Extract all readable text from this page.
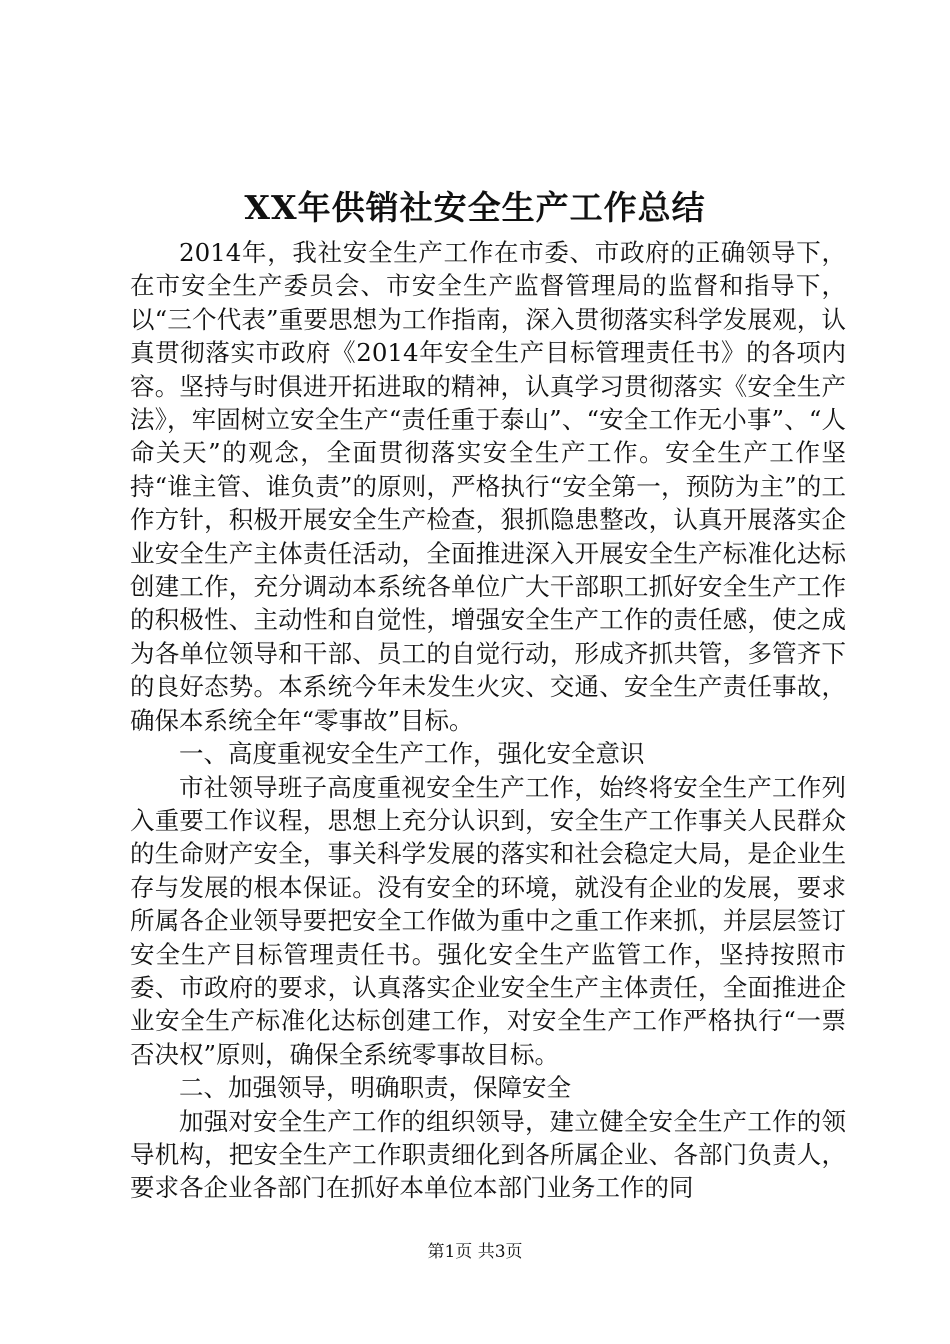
XX年供销社安全生产工作总结

2014年，我社安全生产工作在市委、市政府的正确领导下，在市安全生产委员会、市安全生产监督管理局的监督和指导下，以“三个代表”重要思想为工作指南，深入贯彻落实科学发展观，认真贯彻落实市政府《2014年安全生产目标管理责任书》的各项内容。坚持与时俱进开拓进取的精神，认真学习贯彻落实《安全生产法》，牢固树立安全生产“责任重于泰山”、“安全工作无小事”、“人命关天”的观念，全面贯彻落实安全生产工作。安全生产工作坚持“谁主管、谁负责”的原则，严格执行“安全第一，预防为主”的工作方针，积极开展安全生产检查，狠抓隐患整改，认真开展落实企业安全生产主体责任活动，全面推进深入开展安全生产标准化达标创建工作，充分调动本系统各单位广大干部职工抓好安全生产工作的积极性、主动性和自觉性，增强安全生产工作的责任感，使之成为各单位领导和干部、员工的自觉行动，形成齐抓共管，多管齐下的良好态势。本系统今年未发生火灾、交通、安全生产责任事故，确保本系统全年“零事故”目标。

一、高度重视安全生产工作，强化安全意识

市社领导班子高度重视安全生产工作，始终将安全生产工作列入重要工作议程，思想上充分认识到，安全生产工作事关人民群众的生命财产安全，事关科学发展的落实和社会稳定大局，是企业生存与发展的根本保证。没有安全的环境，就没有企业的发展，要求所属各企业领导要把安全工作做为重中之重工作来抓，并层层签订安全生产目标管理责任书。强化安全生产监管工作，坚持按照市委、市政府的要求，认真落实企业安全生产主体责任，全面推进企业安全生产标准化达标创建工作，对安全生产工作严格执行“一票否决权”原则，确保全系统零事故目标。

二、加强领导，明确职责，保障安全

加强对安全生产工作的组织领导，建立健全安全生产工作的领导机构，把安全生产工作职责细化到各所属企业、各部门负责人，要求各企业各部门在抓好本单位本部门业务工作的同

第1页 共3页
